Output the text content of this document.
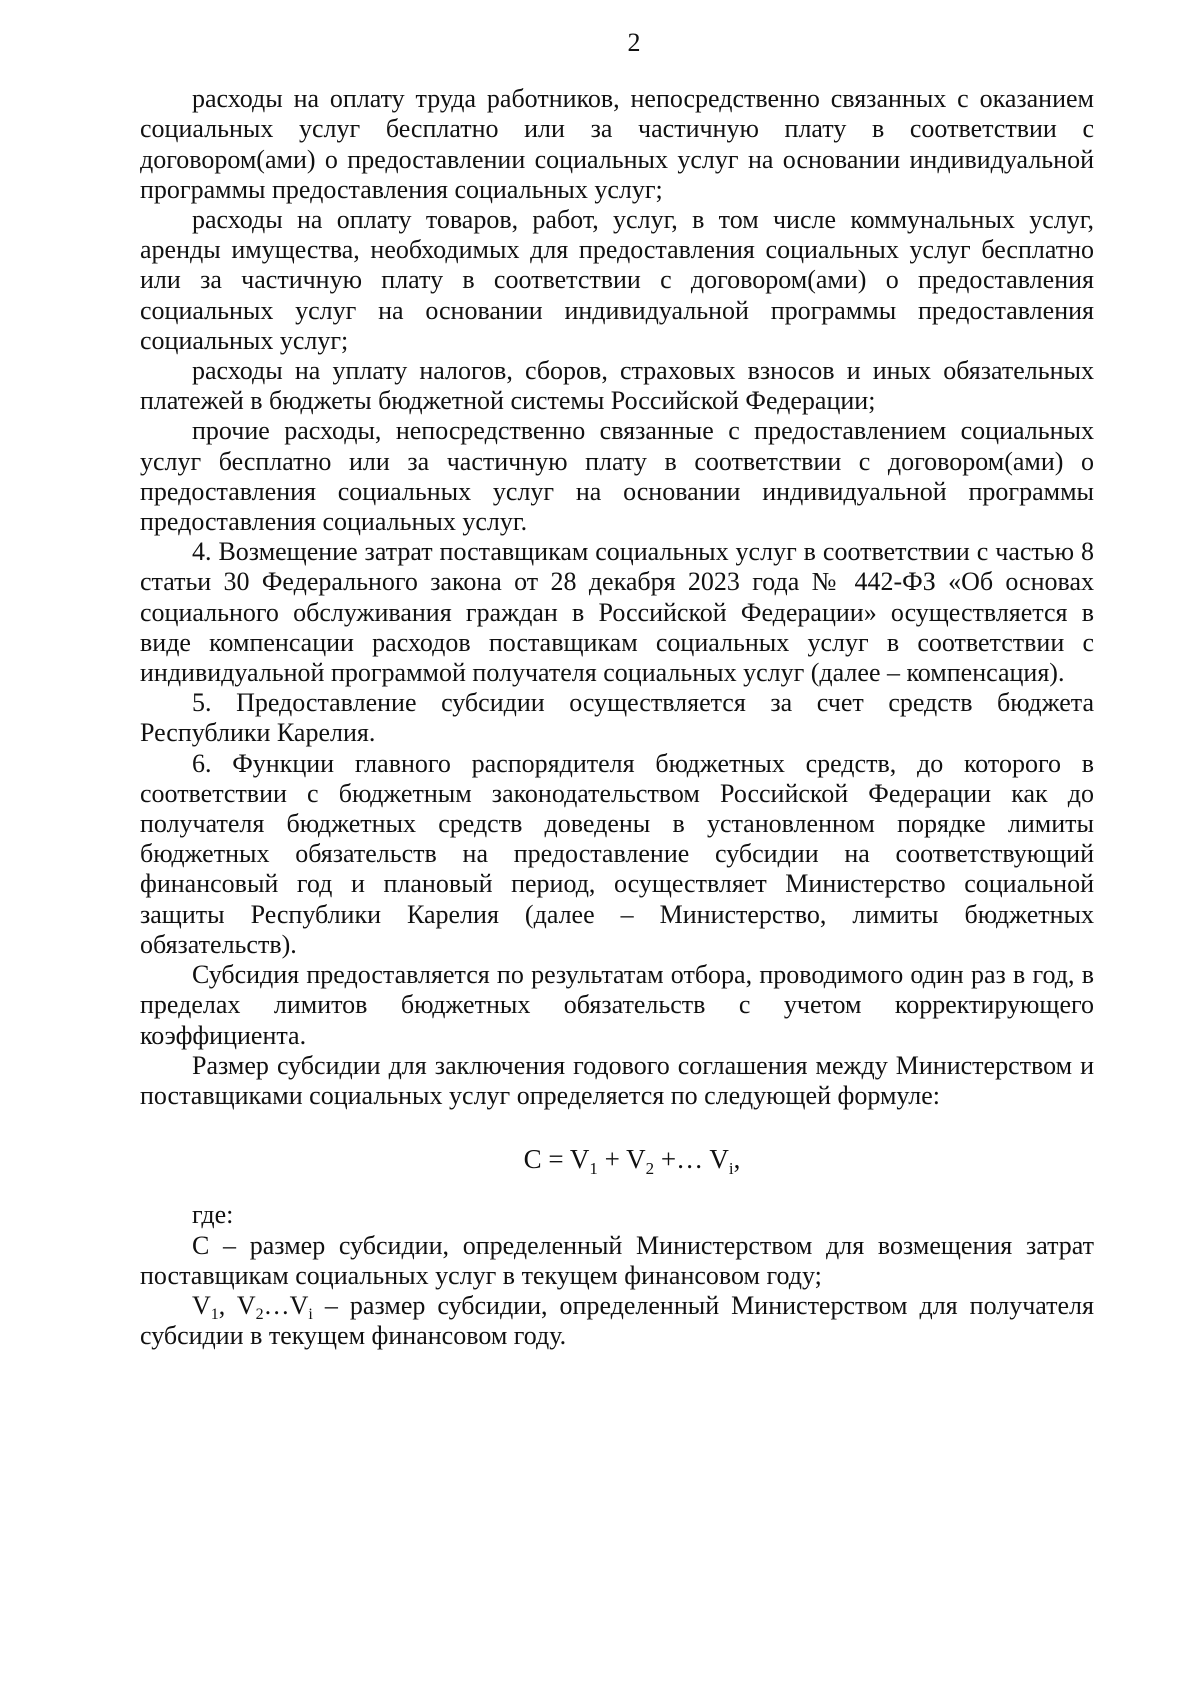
2

расходы на оплату труда работников, непосредственно связанных с оказанием социальных услуг бесплатно или за частичную плату в соответствии с договором(ами) о предоставлении социальных услуг на основании индивидуальной программы предоставления социальных услуг;

расходы на оплату товаров, работ, услуг, в том числе коммунальных услуг, аренды имущества, необходимых для предоставления социальных услуг бесплатно или за частичную плату в соответствии с договором(ами) о предоставления социальных услуг на основании индивидуальной программы предоставления социальных услуг;

расходы на уплату налогов, сборов, страховых взносов и иных обязательных платежей в бюджеты бюджетной системы Российской Федерации;

прочие расходы, непосредственно связанные с предоставлением социальных услуг бесплатно или за частичную плату в соответствии с договором(ами) о предоставления социальных услуг на основании индивидуальной программы предоставления социальных услуг.

4. Возмещение затрат поставщикам социальных услуг в соответствии с частью 8 статьи 30 Федерального закона от 28 декабря 2023 года № 442-ФЗ «Об основах социального обслуживания граждан в Российской Федерации» осуществляется в виде компенсации расходов поставщикам социальных услуг в соответствии с индивидуальной программой получателя социальных услуг (далее – компенсация).

5. Предоставление субсидии осуществляется за счет средств бюджета Республики Карелия.

6. Функции главного распорядителя бюджетных средств, до которого в соответствии с бюджетным законодательством Российской Федерации как до получателя бюджетных средств доведены в установленном порядке лимиты бюджетных обязательств на предоставление субсидии на соответствующий финансовый год и плановый период, осуществляет Министерство социальной защиты Республики Карелия (далее – Министерство, лимиты бюджетных обязательств).

Субсидия предоставляется по результатам отбора, проводимого один раз в год, в пределах лимитов бюджетных обязательств с учетом корректирующего коэффициента.

Размер субсидии для заключения годового соглашения между Министерством и поставщиками социальных услуг определяется по следующей формуле:

$C = V_1 + V_2$ +… $V_i$,

где:

С – размер субсидии, определенный Министерством для возмещения затрат поставщикам социальных услуг в текущем финансовом году;

$V_1$, $V_2\dots V_i$ – размер субсидии, определенный Министерством для получателя субсидии в текущем финансовом году.
